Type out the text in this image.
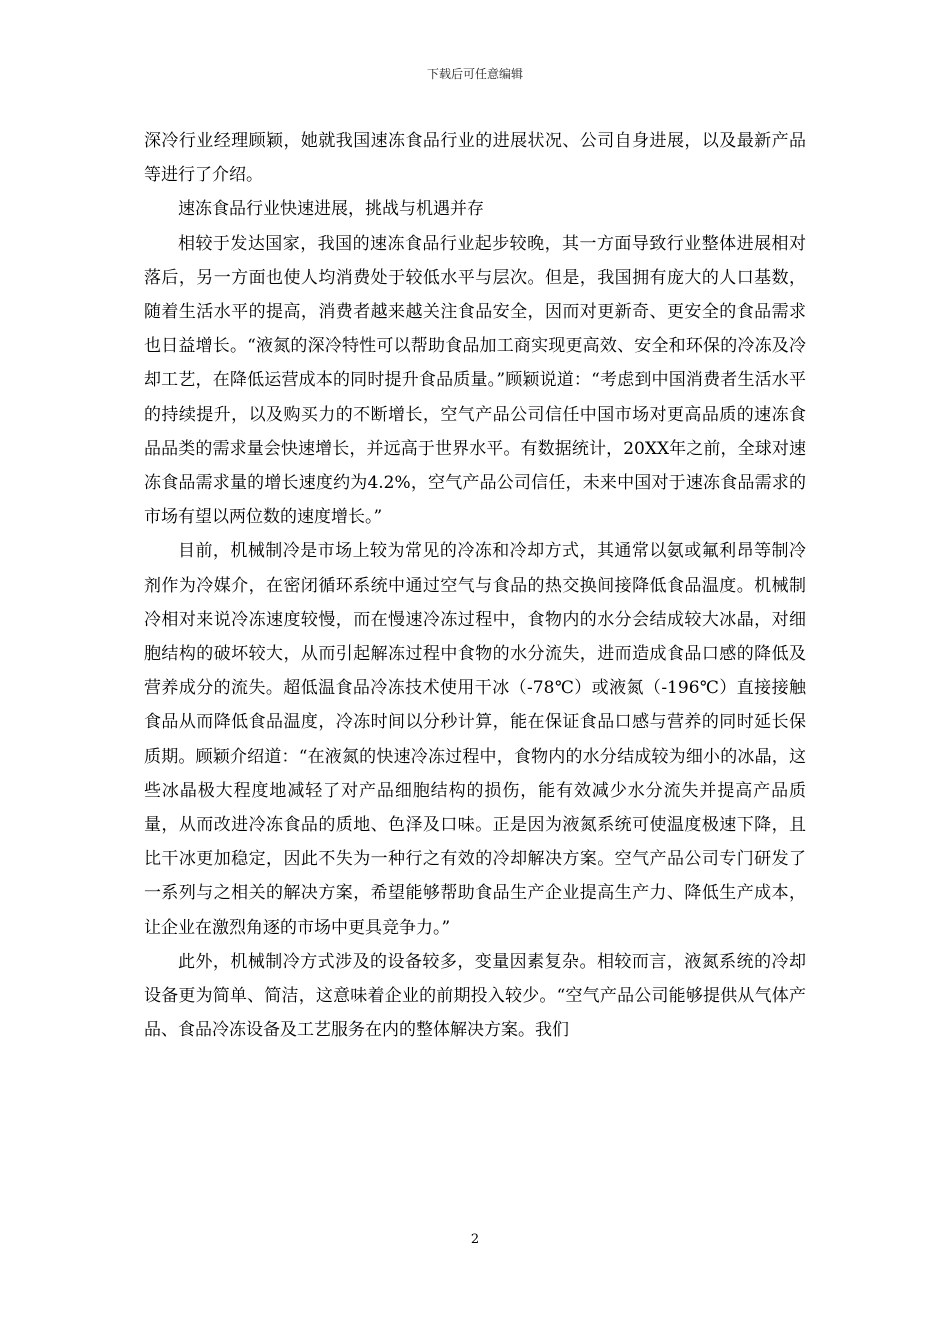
下载后可任意编辑

深冷行业经理顾颖，她就我国速冻食品行业的进展状况、公司自身进展，以及最新产品等进行了介绍。

速冻食品行业快速进展，挑战与机遇并存

相较于发达国家，我国的速冻食品行业起步较晚，其一方面导致行业整体进展相对落后，另一方面也使人均消费处于较低水平与层次。但是，我国拥有庞大的人口基数，随着生活水平的提高，消费者越来越关注食品安全，因而对更新奇、更安全的食品需求也日益增长。“液氮的深冷特性可以帮助食品加工商实现更高效、安全和环保的冷冻及冷却工艺，在降低运营成本的同时提升食品质量。”顾颖说道：“考虑到中国消费者生活水平的持续提升，以及购买力的不断增长，空气产品公司信任中国市场对更高品质的速冻食品品类的需求量会快速增长，并远高于世界水平。有数据统计，20XX年之前，全球对速冻食品需求量的增长速度约为4.2%，空气产品公司信任，未来中国对于速冻食品需求的市场有望以两位数的速度增长。”

目前，机械制冷是市场上较为常见的冷冻和冷却方式，其通常以氨或氟利昂等制冷剂作为冷媒介，在密闭循环系统中通过空气与食品的热交换间接降低食品温度。机械制冷相对来说冷冻速度较慢，而在慢速冷冻过程中，食物内的水分会结成较大冰晶，对细胞结构的破坏较大，从而引起解冻过程中食物的水分流失，进而造成食品口感的降低及营养成分的流失。超低温食品冷冻技术使用干冰（-78℃）或液氮（-196℃）直接接触食品从而降低食品温度，冷冻时间以分秒计算，能在保证食品口感与营养的同时延长保质期。顾颖介绍道：“在液氮的快速冷冻过程中，食物内的水分结成较为细小的冰晶，这些冰晶极大程度地减轻了对产品细胞结构的损伤，能有效减少水分流失并提高产品质量，从而改进冷冻食品的质地、色泽及口味。正是因为液氮系统可使温度极速下降，且比干冰更加稳定，因此不失为一种行之有效的冷却解决方案。空气产品公司专门研发了一系列与之相关的解决方案，希望能够帮助食品生产企业提高生产力、降低生产成本，让企业在激烈角逐的市场中更具竞争力。”

此外，机械制冷方式涉及的设备较多，变量因素复杂。相较而言，液氮系统的冷却设备更为简单、简洁，这意味着企业的前期投入较少。“空气产品公司能够提供从气体产品、食品冷冻设备及工艺服务在内的整体解决方案。我们

2
